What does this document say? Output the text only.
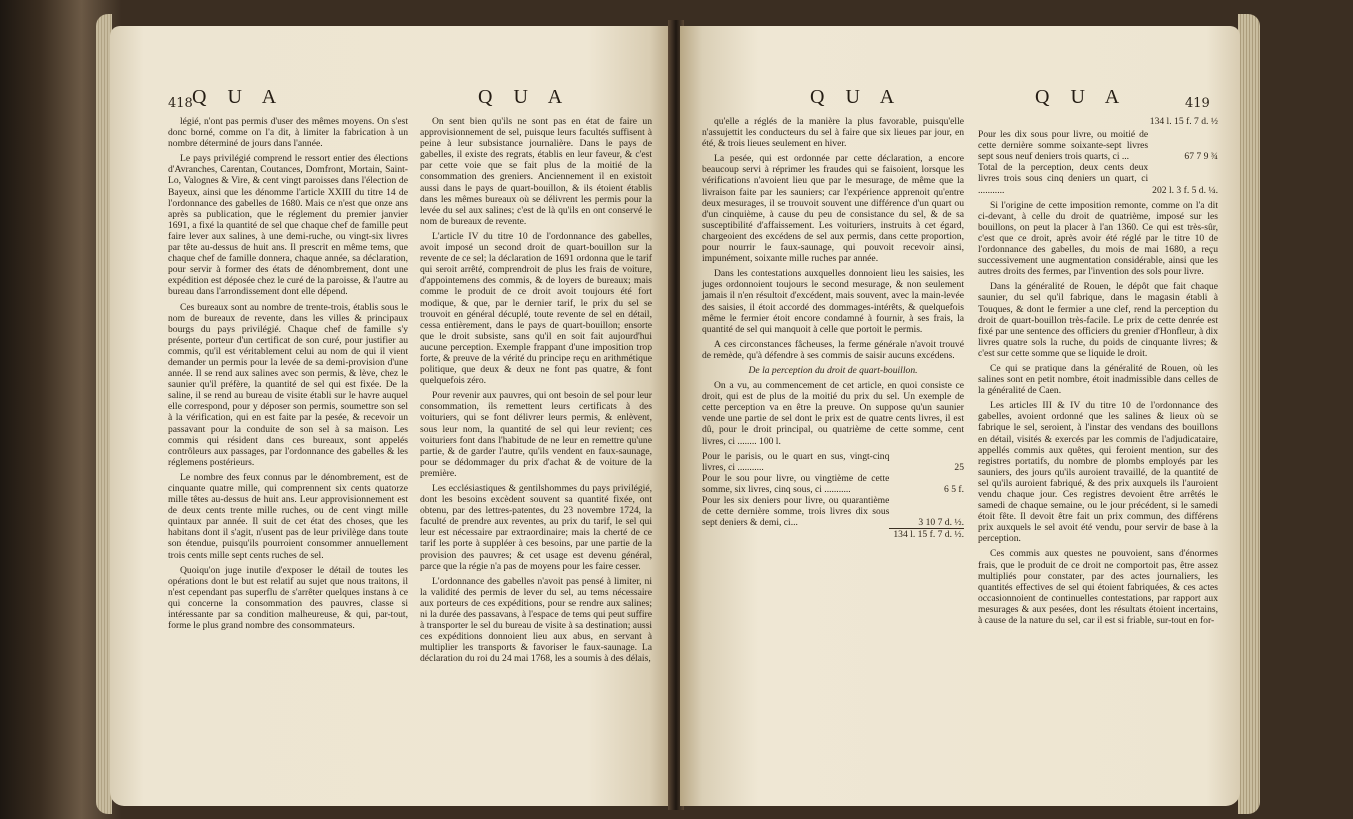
418 Q U A	Q U A

légié, n'ont pas permis d'user des mêmes moyens. On s'est donc borné, comme on l'a dit, à limiter la fabrication à un nombre déterminé de jours dans l'année.

Le pays privilégié comprend le ressort entier des élections d'Avranches, Carentan, Coutances, Domfront, Mortain, Saint-Lo, Valognes & Vire, & cent vingt paroisses dans l'élection de Bayeux, ainsi que les dénomme l'article XXIII du titre 14 de l'ordonnance des gabelles de 1680. Mais ce n'est que onze ans après sa publication, que le réglement du premier janvier 1691, a fixé la quantité de sel que chaque chef de famille peut faire lever aux salines, à une demi-ruche, ou vingt-six livres par tête au-dessus de huit ans. Il prescrit en même tems, que chaque chef de famille donnera, chaque année, sa déclaration, pour servir à former des états de dénombrement, dont une expédition est déposée chez le curé de la paroisse, & l'autre au bureau dans l'arrondissement dont elle dépend.

Ces bureaux sont au nombre de trente-trois, établis sous le nom de bureaux de revente, dans les villes & principaux bourgs du pays privilégié. Chaque chef de famille s'y présente, porteur d'un certificat de son curé, pour justifier au commis, qu'il est véritablement celui au nom de qui il vient demander un permis pour la levée de sa demi-provision d'une année. Il se rend aux salines avec son permis, & lève, chez le saunier qu'il préfère, la quantité de sel qui est fixée. De la saline, il se rend au bureau de visite établi sur le havre auquel elle correspond, pour y déposer son permis, soumettre son sel à la vérification, qui en est faite par la pesée, & recevoir un passavant pour la conduite de son sel à sa maison. Les commis qui résident dans ces bureaux, sont appelés contrôleurs aux passages, par l'ordonnance des gabelles & les réglemens postérieurs.

Le nombre des feux connus par le dénombrement, est de cinquante quatre mille, qui comprennent six cents quatorze mille têtes au-dessus de huit ans. Leur approvisionnement est de deux cents trente mille ruches, ou de cent vingt mille quintaux par année. Il suit de cet état des choses, que les habitans dont il s'agit, n'usent pas de leur privilège dans toute son étendue, puisqu'ils pourroient consommer annuellement trois cents mille sept cents ruches de sel.

Quoiqu'on juge inutile d'exposer le détail de toutes les opérations dont le but est relatif au sujet que nous traitons, il n'est cependant pas superflu de s'arrêter quelques instans à ce qui concerne la consommation des pauvres, classe si intéressante par sa condition malheureuse, & qui, par-tout, forme le plus grand nombre des consommateurs.

On sent bien qu'ils ne sont pas en état de faire un approvisionnement de sel, puisque leurs facultés suffisent à peine à leur subsistance journalière. Dans le pays de gabelles, il existe des regrats, établis en leur faveur, & c'est par cette voie que se fait plus de la moitié de la consommation des greniers. Anciennement il en existoit aussi dans le pays de quart-bouillon, & ils étoient établis dans les mêmes bureaux où se délivrent les permis pour la levée du sel aux salines; c'est de là qu'ils en ont conservé le nom de bureaux de revente.

L'article IV du titre 10 de l'ordonnance des gabelles, avoit imposé un second droit de quart-bouillon sur la revente de ce sel; la déclaration de 1691 ordonna que le tarif qui seroit arrêté, comprendroit de plus les frais de voiture, d'appointemens des commis, & de loyers de bureaux; mais comme le produit de ce droit avoit toujours été fort modique, & que, par le dernier tarif, le prix du sel se trouvoit en général décuplé, toute revente de sel en détail, cessa entièrement, dans le pays de quart-bouillon; ensorte que le droit subsiste, sans qu'il en soit fait aujourd'hui aucune perception. Exemple frappant d'une imposition trop forte, & preuve de la vérité du principe reçu en arithmétique politique, que deux & deux ne font pas quatre, & font quelquefois zéro.

Pour revenir aux pauvres, qui ont besoin de sel pour leur consommation, ils remettent leurs certificats à des voituriers, qui se font délivrer leurs permis, & enlèvent, sous leur nom, la quantité de sel qui leur revient; ces voituriers font dans l'habitude de ne leur en remettre qu'une partie, & de garder l'autre, qu'ils vendent en faux-saunage, pour se dédommager du prix d'achat & de voiture de la première.

Les ecclésiastiques & gentilshommes du pays privilégié, dont les besoins excèdent souvent sa quantité fixée, ont obtenu, par des lettres-patentes, du 23 novembre 1724, la faculté de prendre aux reventes, au prix du tarif, le sel qui leur est nécessaire par extraordinaire; mais la cherté de ce tarif les porte à suppléer à ces besoins, par une partie de la provision des pauvres; & cet usage est devenu général, parce que la régie n'a pas de moyens pour les faire cesser.

L'ordonnance des gabelles n'avoit pas pensé à limiter, ni la validité des permis de lever du sel, au tems nécessaire aux porteurs de ces expéditions, pour se rendre aux salines; ni la durée des passavans, à l'espace de tems qui peut suffire à transporter le sel du bureau de visite à sa destination; aussi ces expéditions donnoient lieu aux abus, en servant à multiplier les transports & favoriser le faux-saunage. La déclaration du roi du 24 mai 1768, les a soumis à des délais,

Q U A	Q U A	419

qu'elle a réglés de la manière la plus favorable, puisqu'elle n'assujettit les conducteurs du sel à faire que six lieues par jour, en été, & trois lieues seulement en hiver.

La pesée, qui est ordonnée par cette déclaration, a encore beaucoup servi à réprimer les fraudes qui se faisoient, lorsque les vérifications n'avoient lieu que par le mesurage, de même que la livraison faite par les sauniers; car l'expérience apprenoit qu'entre deux mesurages, il se trouvoit souvent une différence d'un quart ou d'un cinquième, à cause du peu de consistance du sel, & de sa susceptibilité d'affaissement. Les voituriers, instruits à cet égard, chargeoient des excédens de sel aux permis, dans cette proportion, pour nourrir le faux-saunage, qui pouvoit recevoir ainsi, impunément, soixante mille ruches par année.

Dans les contestations auxquelles donnoient lieu les saisies, les juges ordonnoient toujours le second mesurage, & non seulement jamais il n'en résultoit d'excédent, mais souvent, avec la main-levée des saisies, il étoit accordé des dommages-intérêts, & quelquefois même le fermier étoit encore condamné à fournir, à ses frais, la quantité de sel qui manquoit à celle que portoit le permis.

A ces circonstances fâcheuses, la ferme générale n'avoit trouvé de remède, qu'à défendre à ses commis de saisir aucuns excédens.

De la perception du droit de quart-bouillon.

On a vu, au commencement de cet article, en quoi consiste ce droit, qui est de plus de la moitié du prix du sel. Un exemple de cette perception va en être la preuve. On suppose qu'un saunier vende une partie de sel dont le prix est de quatre cents livres, il est dû, pour le droit principal, ou quatrième de cette somme, cent livres, ci ........ 100 l.

Pour le parisis, ou le quart en sus, vingt-cinq livres, ci ...........	25
Pour le sou pour livre, ou vingtième de cette somme, six livres, cinq sous, ci ...........	6 5 f.
Pour les six deniers pour livre, ou quarantième de cette dernière somme, trois livres dix sous sept deniers & demi, ci...	3 10 7 d. ½.
	134 l. 15 f. 7 d. ½.
134 l. 15 f. 7 d. ½
Pour les dix sous pour livre, ou moitié de cette dernière somme soixante-sept livres sept sous neuf deniers trois quarts, ci ...	67 7 9 ¾
Total de la perception, deux cents deux livres trois sous cinq deniers un quart, ci ...........	202 l. 3 f. 5 d. ¼.

Si l'origine de cette imposition remonte, comme on l'a dit ci-devant, à celle du droit de quatrième, imposé sur les bouillons, on peut la placer à l'an 1360. Ce qui est très-sûr, c'est que ce droit, après avoir été réglé par le titre 10 de l'ordonnance des gabelles, du mois de mai 1680, a reçu successivement une augmentation considérable, ainsi que les autres droits des fermes, par l'invention des sols pour livre.

Dans la généralité de Rouen, le dépôt que fait chaque saunier, du sel qu'il fabrique, dans le magasin établi à Touques, & dont le fermier a une clef, rend la perception du droit de quart-bouillon très-facile. Le prix de cette denrée est fixé par une sentence des officiers du grenier d'Honfleur, à dix livres quatre sols la ruche, du poids de cinquante livres; & c'est sur cette somme que se liquide le droit.

Ce qui se pratique dans la généralité de Rouen, où les salines sont en petit nombre, étoit inadmissible dans celles de la généralité de Caen.

Les articles III & IV du titre 10 de l'ordonnance des gabelles, avoient ordonné que les salines & lieux où se fabrique le sel, seroient, à l'instar des vendans des bouillons en détail, visités & exercés par les commis de l'adjudicataire, appellés commis aux quêtes, qui feroient mention, sur des registres portatifs, du nombre de plombs employés par les sauniers, des jours qu'ils auroient travaillé, de la quantité de sel qu'ils auroient fabriqué, & des prix auxquels ils l'auroient vendu chaque jour. Ces registres devoient être arrêtés le samedi de chaque semaine, ou le jour précédent, si le samedi étoit fête. Il devoit être fait un prix commun, des différens prix auxquels le sel avoit été vendu, pour servir de base à la perception.

Ces commis aux questes ne pouvoient, sans d'énormes frais, que le produit de ce droit ne comportoit pas, être assez multipliés pour constater, par des actes journaliers, les quantités effectives de sel qui étoient fabriquées, & ces actes occasionnoient de continuelles contestations, par rapport aux mesurages & aux pesées, dont les résultats étoient incertains, à cause de la nature du sel, car il est si friable, sur-tout en for-
